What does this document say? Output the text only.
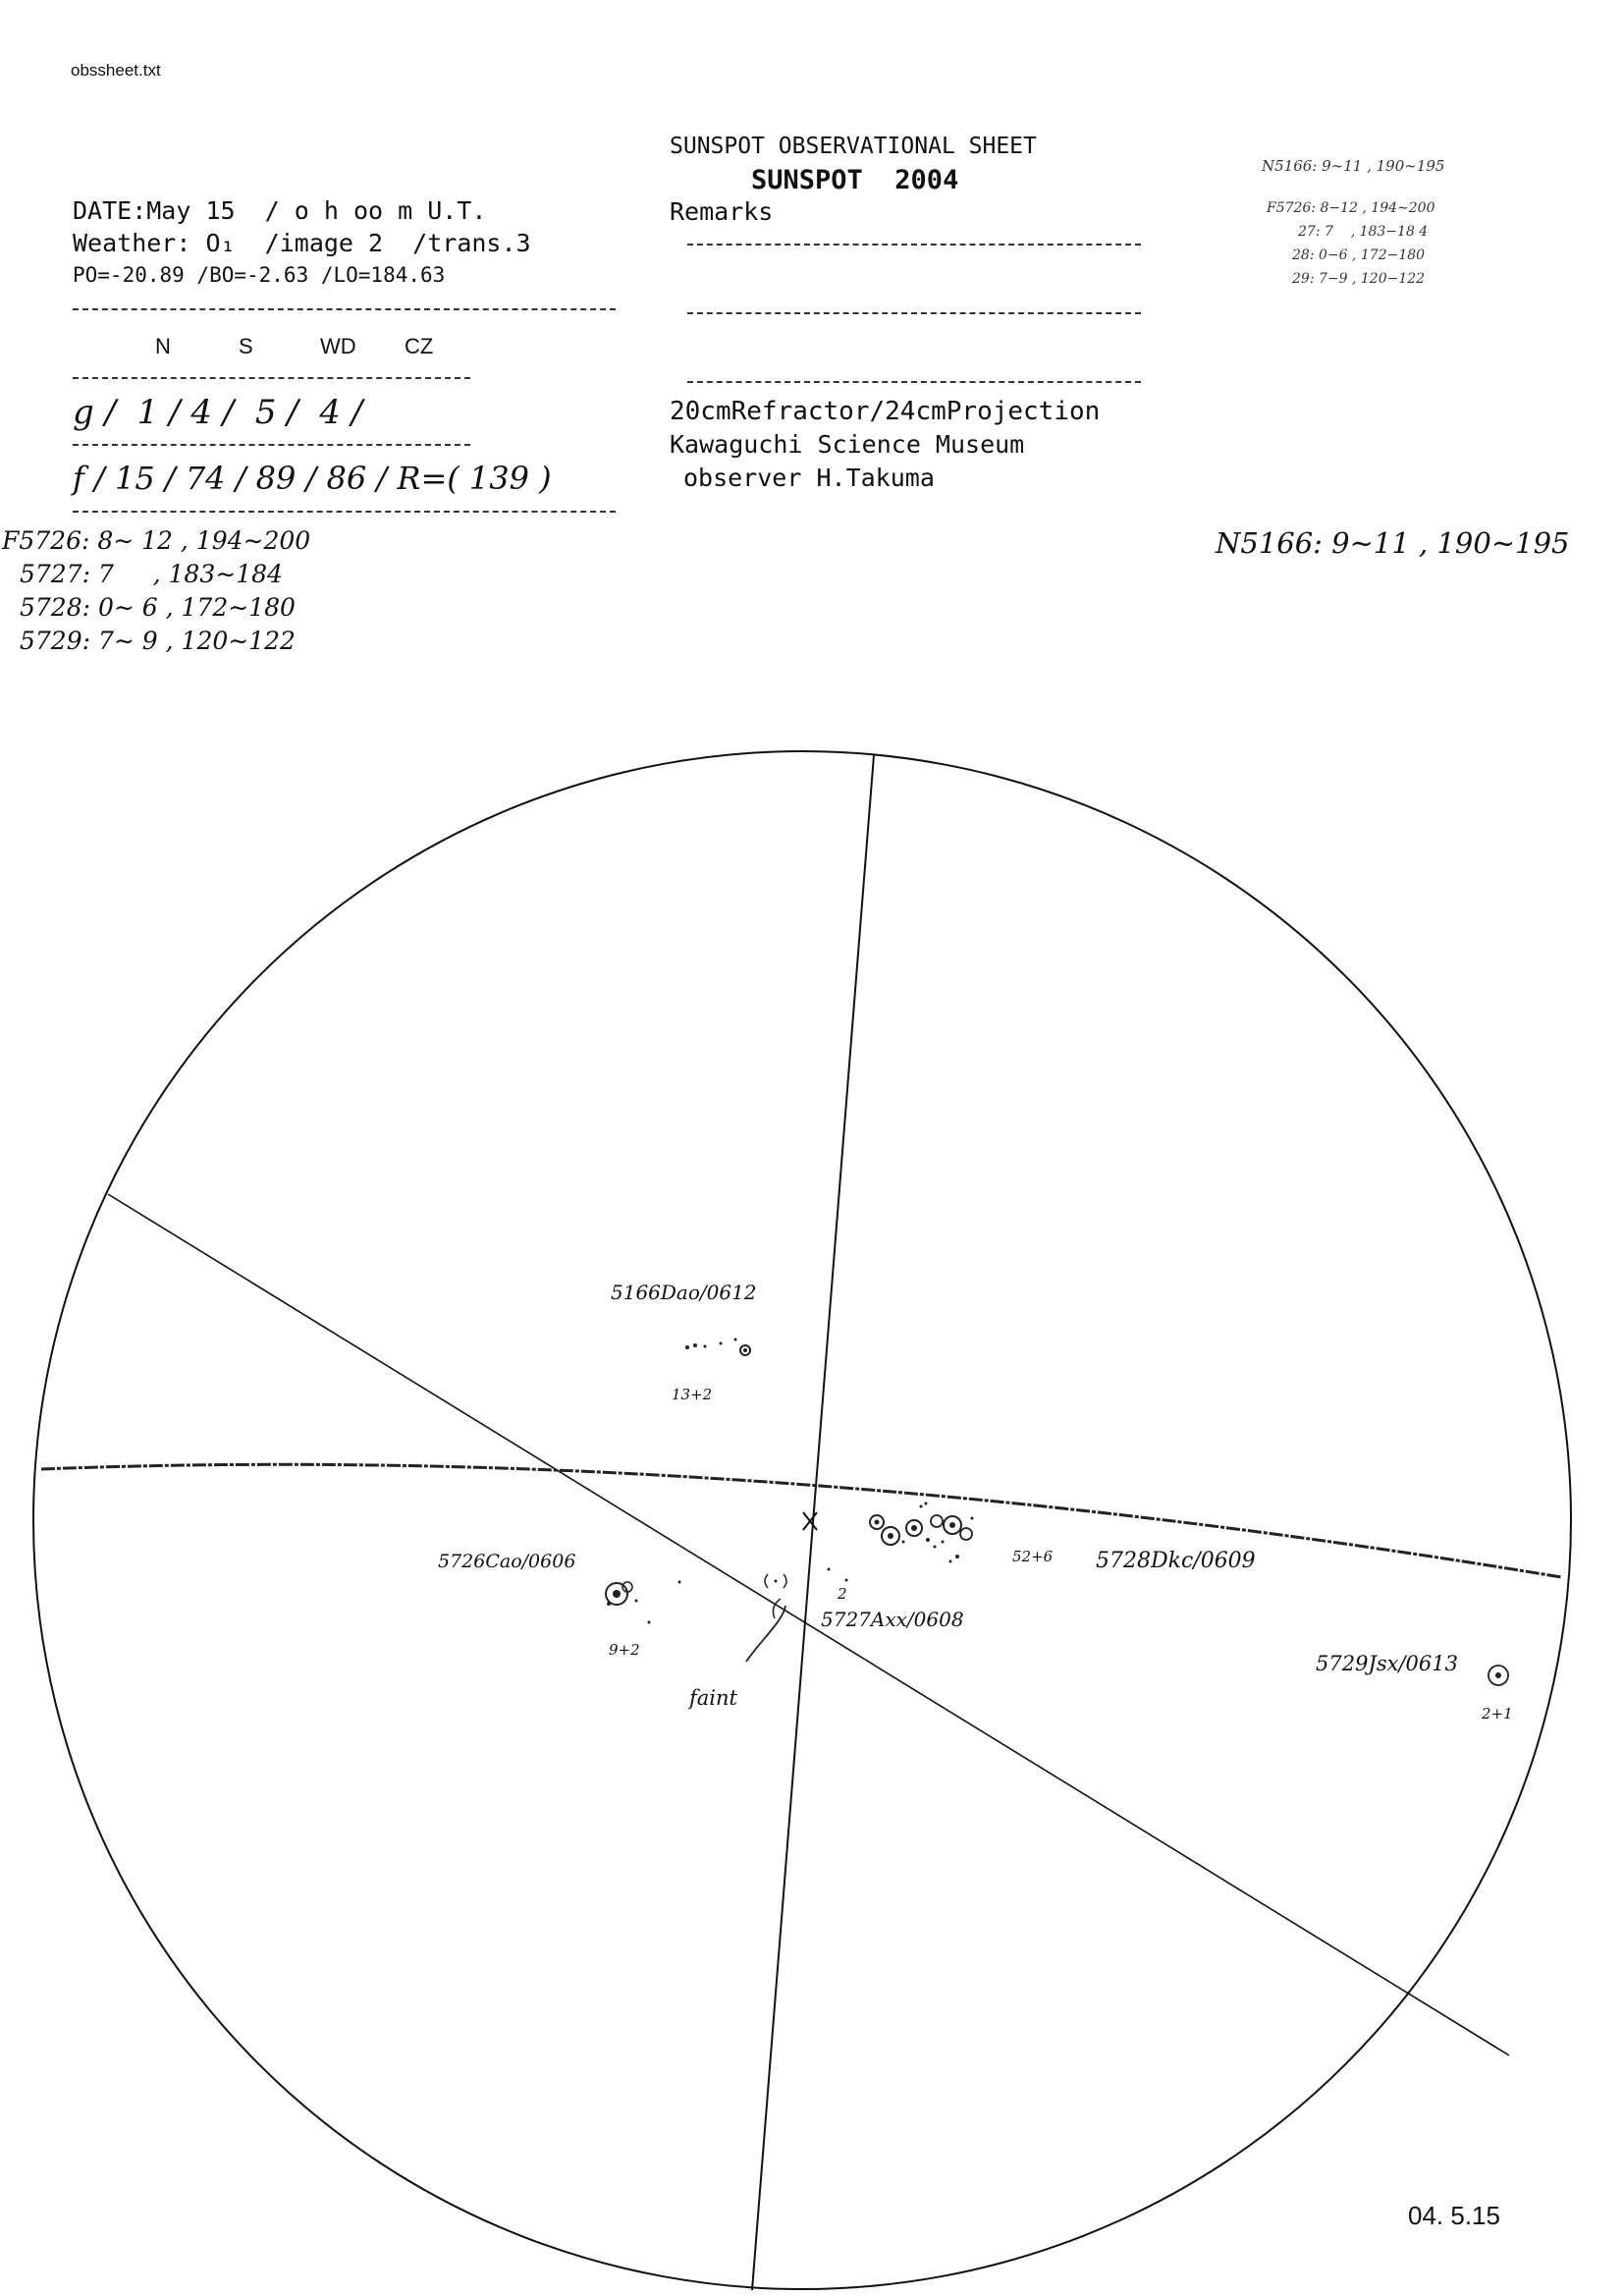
obssheet.txt
SUNSPOT OBSERVATIONAL SHEET
SUNSPOT  2004
Remarks
DATE:May 15  / o h oo m U.T.
Weather: O₁  /image 2  /trans.3
PO=-20.89 /BO=-2.63 /LO=184.63
N	S	WD CZ
g /  1 / 4 /  5 /  4 /
f / 15 / 74 / 89 / 86 / R=( 139 )
20cmRefractor/24cmProjection
Kawaguchi Science Museum
observer H.Takuma
N5166: 9∼11 , 190∼195
F5726: 8−12 , 194∼200
27: 7    , 183−18 4
28: 0−6 , 172−180
29: 7−9 , 120−122
F5726: 8∼ 12 , 194∼200
5727: 7     , 183∼184
5728: 0∼ 6 , 172∼180
5729: 7∼ 9 , 120∼122
N5166: 9∼11 , 190∼195
5166Dao/0612
13+2
5726Cao/0606
9+2
5727Axx/0608
2
5728Dkc/0609
52+6
5729Jsx/0613
2+1
faint
04. 5.15
